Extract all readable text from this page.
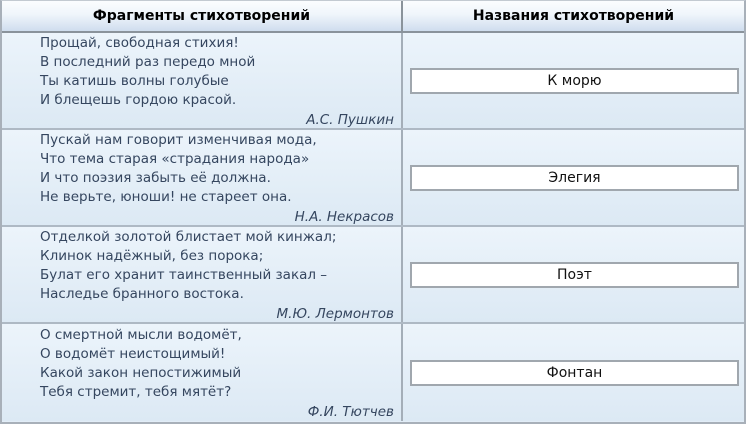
Фрагменты стихотворений	Названия стихотворений
Прощай, свободная стихия!
В последний раз передо мной
Ты катишь волны голубые
И блещешь гордою красой.
А.С. Пушкин
К морю
Пускай нам говорит изменчивая мода,
Что тема старая «страдания народа»
И что поэзия забыть её должна.
Не верьте, юноши! не стареет она.
Н.А. Некрасов
Элегия
Отделкой золотой блистает мой кинжал;
Клинок надёжный, без порока;
Булат его хранит таинственный закал –
Наследье бранного востока.
М.Ю. Лермонтов
Поэт
О смертной мысли водомёт,
О водомёт неистощимый!
Какой закон непостижимый
Тебя стремит, тебя мятёт?
Ф.И. Тютчев
Фонтан
